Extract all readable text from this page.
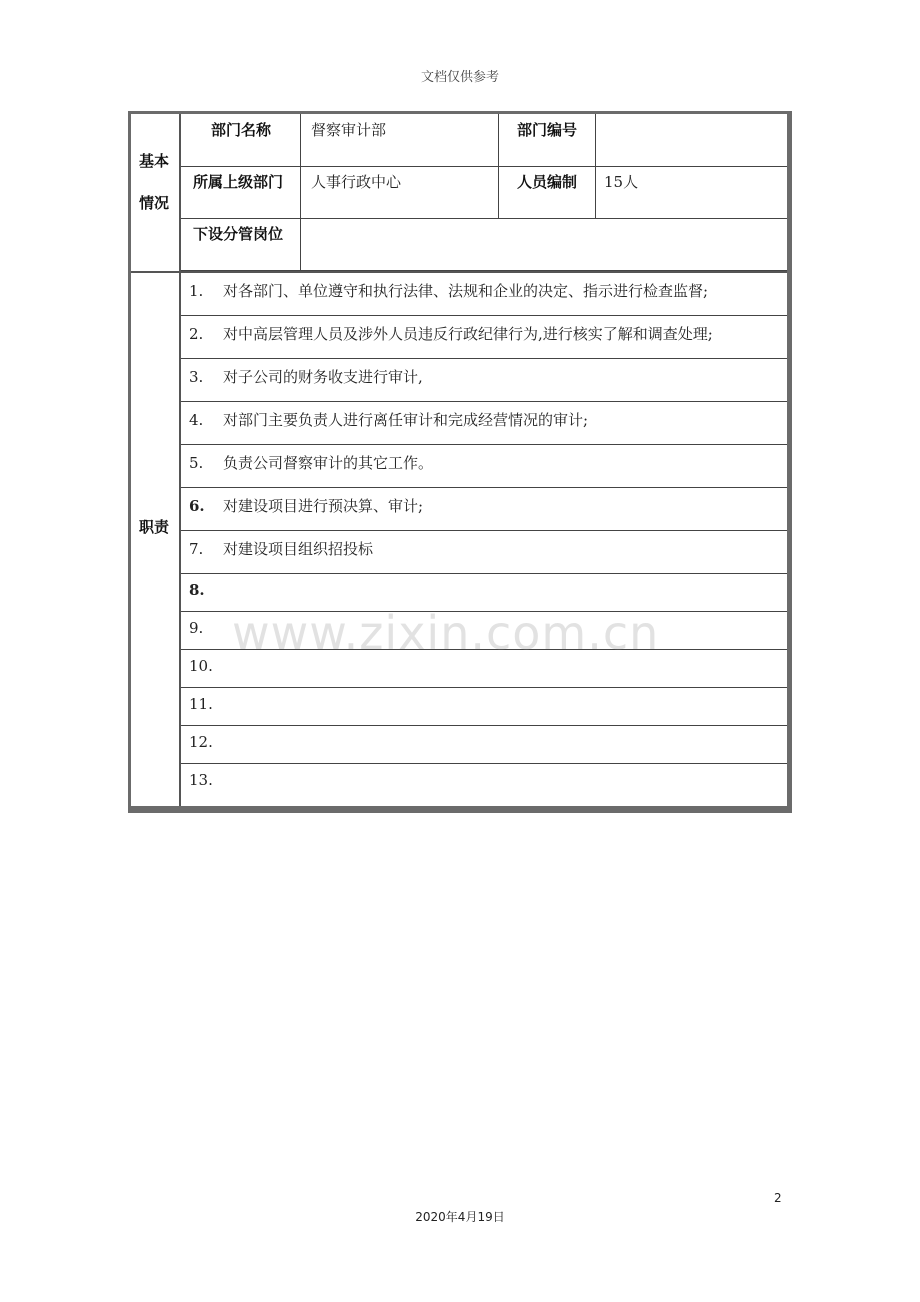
文档仅供参考
基本
情况
部门名称	督察审计部	部门编号
所属上级部门 人事行政中心	人员编制 15人
下设分管岗位
职责
1. 对各部门、单位遵守和执行法律、法规和企业的决定、指示进行检查监督;
2. 对中高层管理人员及涉外人员违反行政纪律行为,进行核实了解和调查处理;
3. 对子公司的财务收支进行审计,
4. 对部门主要负责人进行离任审计和完成经营情况的审计;
5. 负责公司督察审计的其它工作。
6. 对建设项目进行预决算、审计;
7. 对建设项目组织招投标
8.
9.
10.
11.
12.
13.
www.zixin.com.cn
2
2020年4月19日
